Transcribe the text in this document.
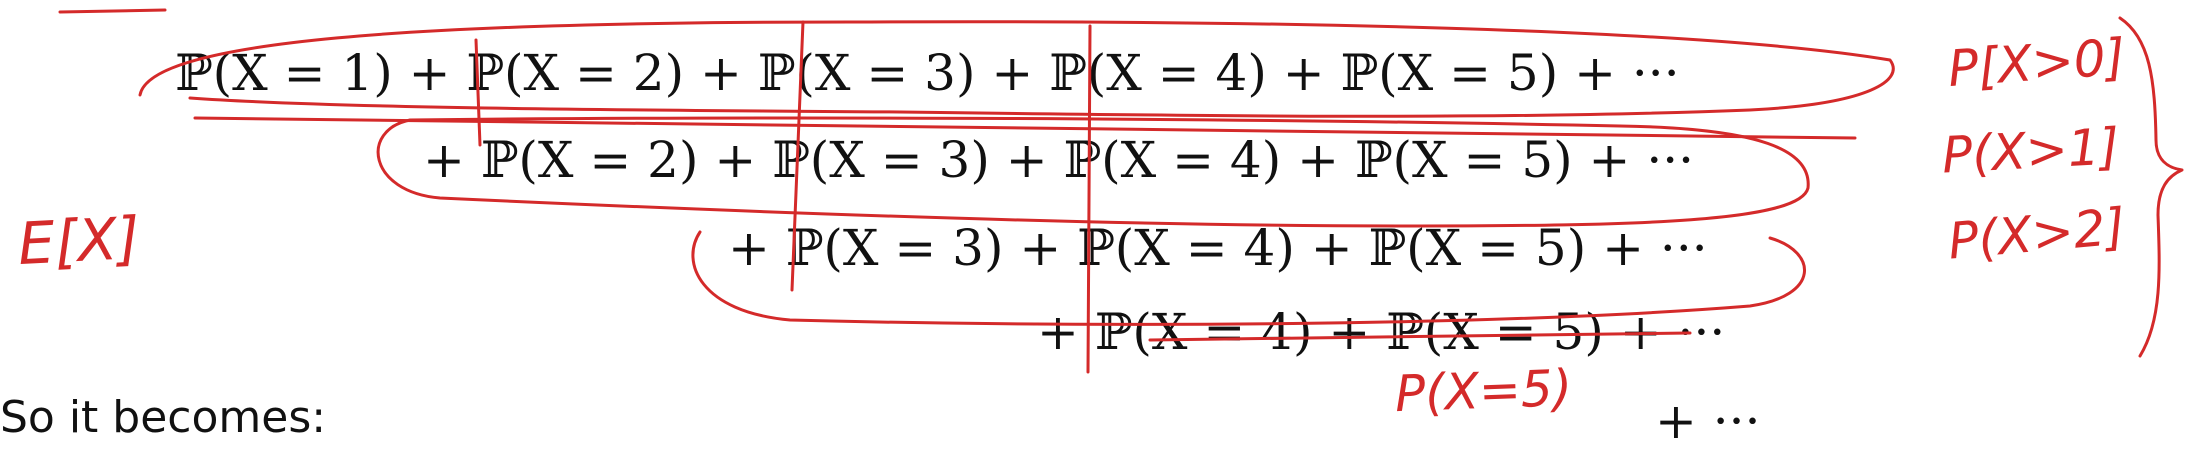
ℙ(X = 1) + ℙ(X = 2) + ℙ(X = 3) + ℙ(X = 4) + ℙ(X = 5) + ···
+ ℙ(X = 2) + ℙ(X = 3) + ℙ(X = 4) + ℙ(X = 5) + ···
+ ℙ(X = 3) + ℙ(X = 4) + ℙ(X = 5) + ···
+ ℙ(X = 4) + ℙ(X = 5) + ···
+ ···
So it becomes:
E[X]
P[X>0]
P(X>1]
P(X>2]
P(X=5)
